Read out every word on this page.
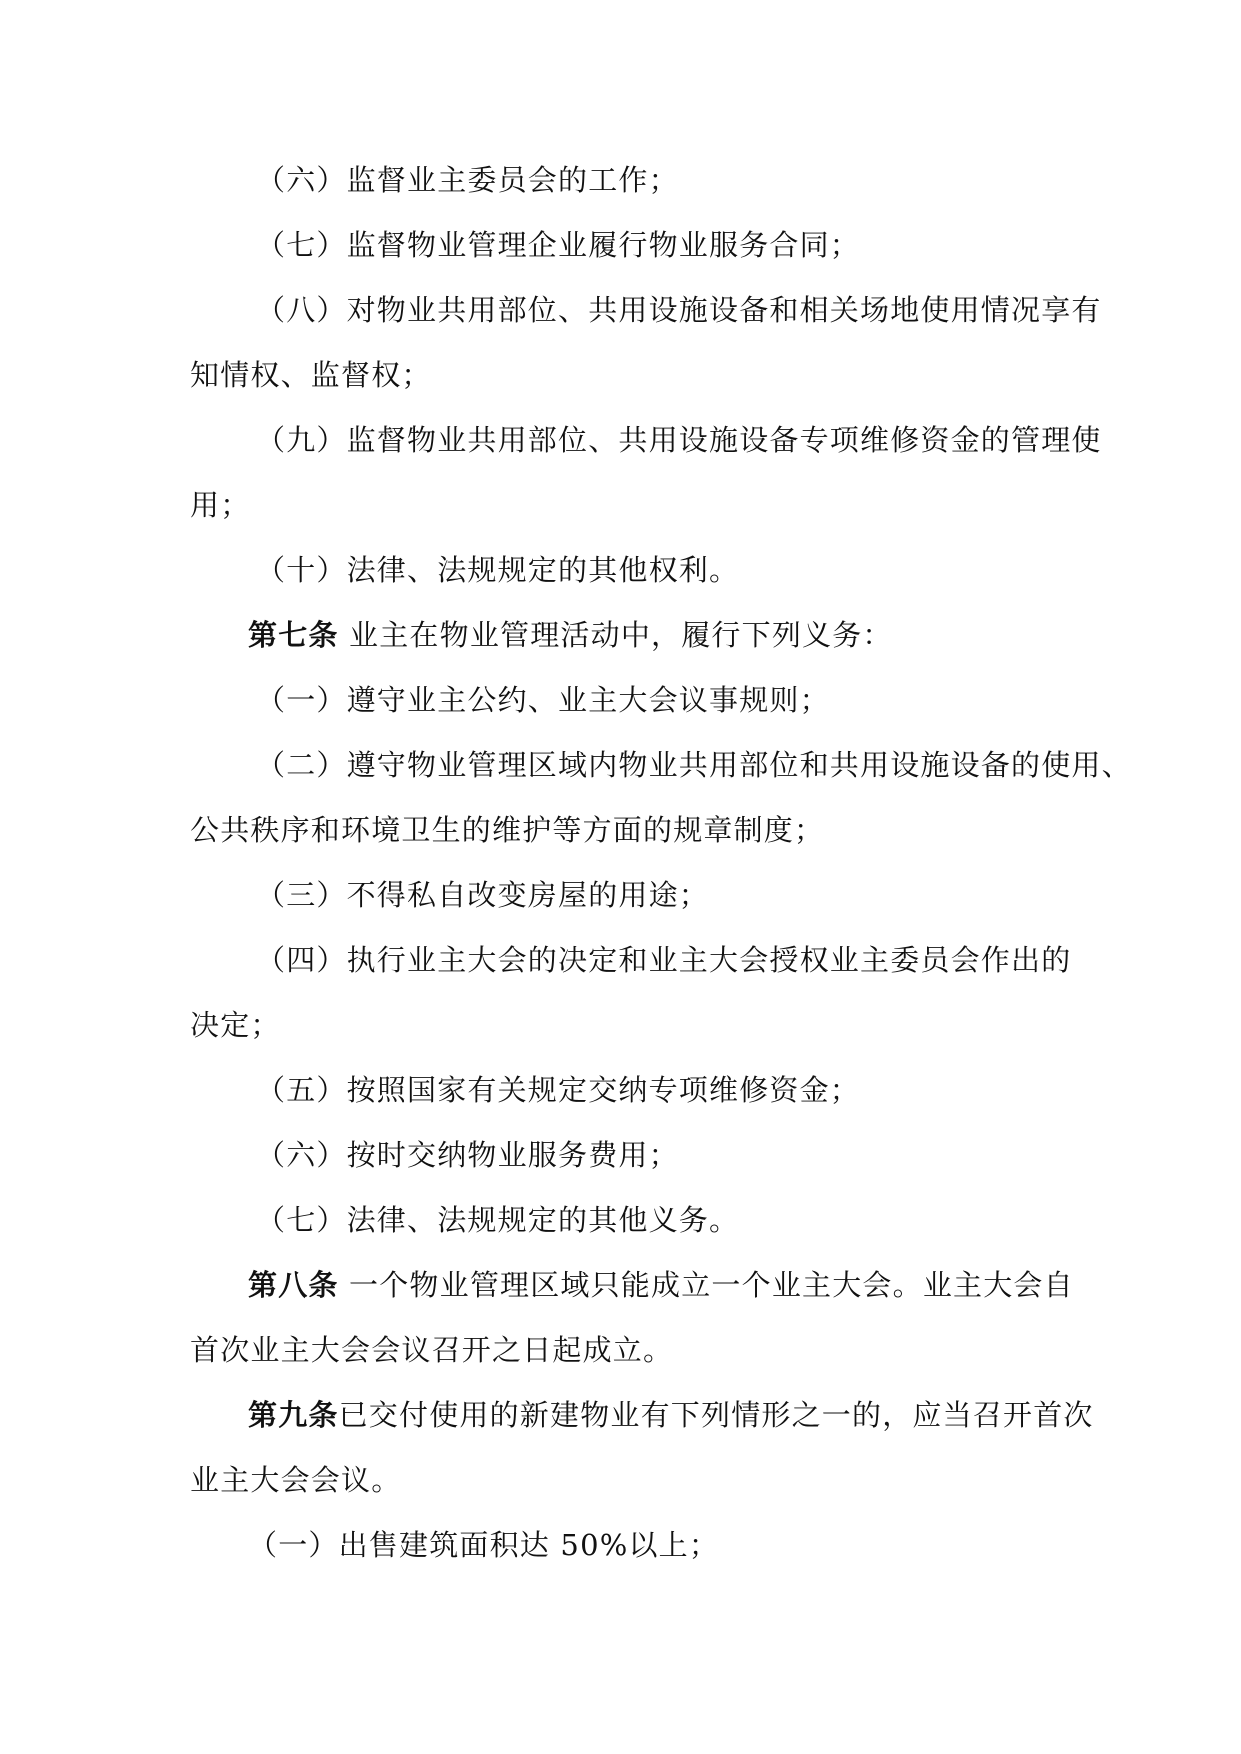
（六）监督业主委员会的工作；
（七）监督物业管理企业履行物业服务合同；
（八）对物业共用部位、共用设施设备和相关场地使用情况享有
知情权、监督权；
（九）监督物业共用部位、共用设施设备专项维修资金的管理使
用；
（十）法律、法规规定的其他权利。
第七条 业主在物业管理活动中，履行下列义务：
（一）遵守业主公约、业主大会议事规则；
（二）遵守物业管理区域内物业共用部位和共用设施设备的使用、
公共秩序和环境卫生的维护等方面的规章制度；
（三）不得私自改变房屋的用途；
（四）执行业主大会的决定和业主大会授权业主委员会作出的
决定；
（五）按照国家有关规定交纳专项维修资金；
（六）按时交纳物业服务费用；
（七）法律、法规规定的其他义务。
第八条 一个物业管理区域只能成立一个业主大会。业主大会自
首次业主大会会议召开之日起成立。
第九条已交付使用的新建物业有下列情形之一的，应当召开首次
业主大会会议。
（一）出售建筑面积达 50%以上；
